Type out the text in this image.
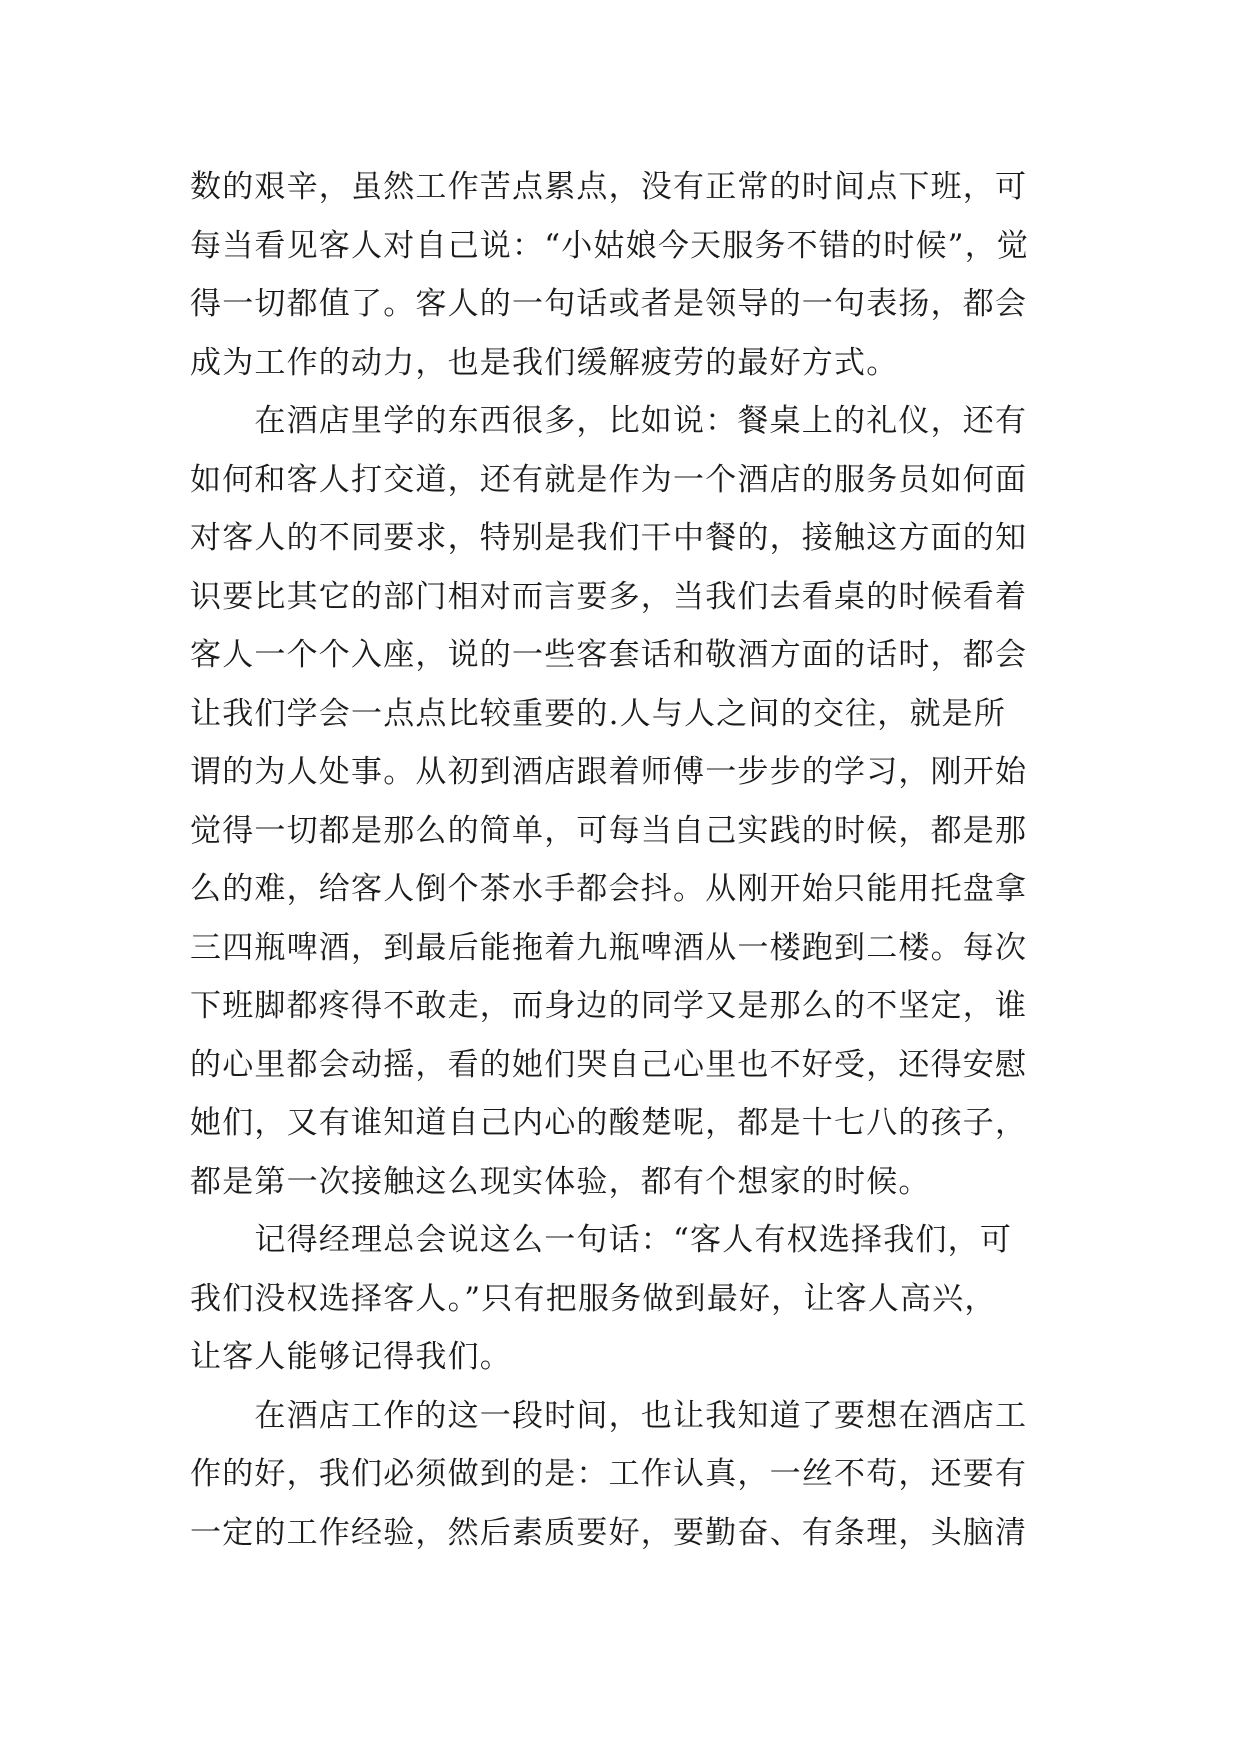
数的艰辛，虽然工作苦点累点，没有正常的时间点下班，可
每当看见客人对自己说：“小姑娘今天服务不错的时候”，觉
得一切都值了。客人的一句话或者是领导的一句表扬，都会
成为工作的动力，也是我们缓解疲劳的最好方式。
　　在酒店里学的东西很多，比如说：餐桌上的礼仪，还有
如何和客人打交道，还有就是作为一个酒店的服务员如何面
对客人的不同要求，特别是我们干中餐的，接触这方面的知
识要比其它的部门相对而言要多，当我们去看桌的时候看着
客人一个个入座，说的一些客套话和敬酒方面的话时，都会
让我们学会一点点比较重要的.人与人之间的交往，就是所
谓的为人处事。从初到酒店跟着师傅一步步的学习，刚开始
觉得一切都是那么的简单，可每当自己实践的时候，都是那
么的难，给客人倒个茶水手都会抖。从刚开始只能用托盘拿
三四瓶啤酒，到最后能拖着九瓶啤酒从一楼跑到二楼。每次
下班脚都疼得不敢走，而身边的同学又是那么的不坚定，谁
的心里都会动摇，看的她们哭自己心里也不好受，还得安慰
她们，又有谁知道自己内心的酸楚呢，都是十七八的孩子，
都是第一次接触这么现实体验，都有个想家的时候。
　　记得经理总会说这么一句话：“客人有权选择我们，可
我们没权选择客人。”只有把服务做到最好，让客人高兴，
让客人能够记得我们。
　　在酒店工作的这一段时间，也让我知道了要想在酒店工
作的好，我们必须做到的是：工作认真，一丝不苟，还要有
一定的工作经验，然后素质要好，要勤奋、有条理，头脑清
